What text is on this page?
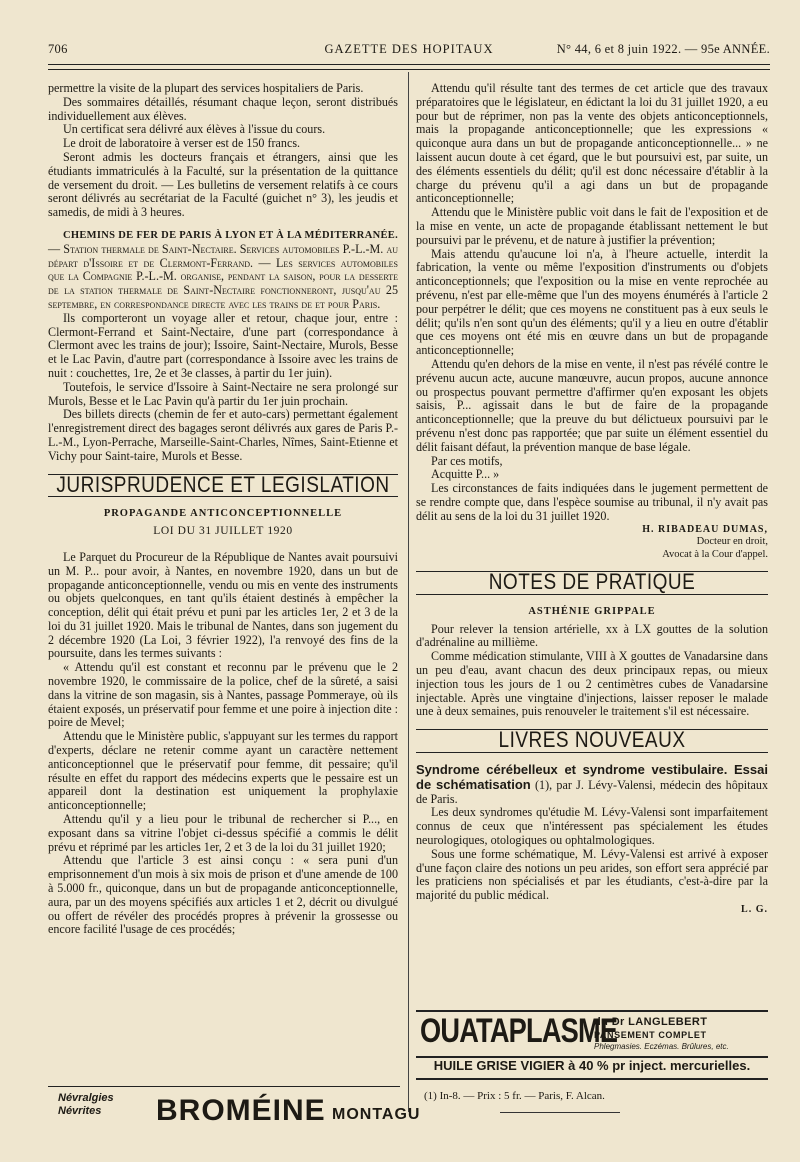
706	GAZETTE DES HOPITAUX	N° 44, 6 et 8 juin 1922. — 95e ANNÉE.

permettre la visite de la plupart des services hospitaliers de Paris.

Des sommaires détaillés, résumant chaque leçon, seront distribués individuellement aux élèves.

Un certificat sera délivré aux élèves à l'issue du cours.

Le droit de laboratoire à verser est de 150 francs.

Seront admis les docteurs français et étrangers, ainsi que les étudiants immatriculés à la Faculté, sur la présentation de la quittance de versement du droit. — Les bulletins de versement relatifs à ce cours seront délivrés au secrétariat de la Faculté (guichet n° 3), les jeudis et samedis, de midi à 3 heures.

CHEMINS DE FER DE PARIS À LYON ET À LA MÉDITERRANÉE. — Station thermale de Saint-Nectaire. Services automobiles P.-L.-M. au départ d'Issoire et de Clermont-Ferrand. — Les services automobiles que la Compagnie P.-L.-M. organise, pendant la saison, pour la desserte de la station thermale de Saint-Nectaire fonctionneront, jusqu'au 25 septembre, en correspondance directe avec les trains de et pour Paris.

Ils comporteront un voyage aller et retour, chaque jour, entre : Clermont-Ferrand et Saint-Nectaire, d'une part (correspondance à Clermont avec les trains de jour); Issoire, Saint-Nectaire, Murols, Besse et le Lac Pavin, d'autre part (correspondance à Issoire avec les trains de nuit : couchettes, 1re, 2e et 3e classes, à partir du 1er juin).

Toutefois, le service d'Issoire à Saint-Nectaire ne sera prolongé sur Murols, Besse et le Lac Pavin qu'à partir du 1er juin prochain.

Des billets directs (chemin de fer et auto-cars) permettant également l'enregistrement direct des bagages seront délivrés aux gares de Paris P.-L.-M., Lyon-Perrache, Marseille-Saint-Charles, Nîmes, Saint-Etienne et Vichy pour Saint-taire, Murols et Besse.

JURISPRUDENCE ET LEGISLATION
PROPAGANDE ANTICONCEPTIONNELLE
LOI DU 31 JUILLET 1920

Le Parquet du Procureur de la République de Nantes avait poursuivi un M. P... pour avoir, à Nantes, en novembre 1920, dans un but de propagande anticonceptionnelle, vendu ou mis en vente des instruments ou objets quelconques, en tant qu'ils étaient destinés à empêcher la conception, délit qui était prévu et puni par les articles 1er, 2 et 3 de la loi du 31 juillet 1920. Mais le tribunal de Nantes, dans son jugement du 2 décembre 1920 (La Loi, 3 février 1922), l'a renvoyé des fins de la poursuite, dans les termes suivants :

« Attendu qu'il est constant et reconnu par le prévenu que le 2 novembre 1920, le commissaire de la police, chef de la sûreté, a saisi dans la vitrine de son magasin, sis à Nantes, passage Pommeraye, où ils étaient exposés, un préservatif pour femme et une poire à injection dite : poire de Mevel;

Attendu que le Ministère public, s'appuyant sur les termes du rapport d'experts, déclare ne retenir comme ayant un caractère nettement anticonceptionnel que le préservatif pour femme, dit pessaire; qu'il résulte en effet du rapport des médecins experts que le pessaire est un appareil dont la destination est uniquement la prophylaxie anticonceptionnelle;

Attendu qu'il y a lieu pour le tribunal de rechercher si P..., en exposant dans sa vitrine l'objet ci-dessus spécifié a commis le délit prévu et réprimé par les articles 1er, 2 et 3 de la loi du 31 juillet 1920;

Attendu que l'article 3 est ainsi conçu : « sera puni d'un emprisonnement d'un mois à six mois de prison et d'une amende de 100 à 5.000 fr., quiconque, dans un but de propagande anticonceptionnelle, aura, par un des moyens spécifiés aux articles 1 et 2, décrit ou divulgué ou offert de révéler des procédés propres à prévenir la grossesse ou encore facilité l'usage de ces procédés;

Attendu qu'il résulte tant des termes de cet article que des travaux préparatoires que le législateur, en édictant la loi du 31 juillet 1920, a eu pour but de réprimer, non pas la vente des objets anticonceptionnels, mais la propagande anticonceptionnelle; que les expressions « quiconque aura dans un but de propagande anticonceptionnelle... » ne laissent aucun doute à cet égard, que le but poursuivi est, par suite, un des éléments essentiels du délit; qu'il est donc nécessaire d'établir à la charge du prévenu qu'il a agi dans un but de propagande anticonceptionnelle;

Attendu que le Ministère public voit dans le fait de l'exposition et de la mise en vente, un acte de propagande établissant nettement le but poursuivi par le prévenu, et de nature à justifier la prévention;

Mais attendu qu'aucune loi n'a, à l'heure actuelle, interdit la fabrication, la vente ou même l'exposition d'instruments ou d'objets anticonceptionnels; que l'exposition ou la mise en vente reprochée au prévenu, n'est par elle-même que l'un des moyens énumérés à l'article 2 pour perpétrer le délit; que ces moyens ne constituent pas à eux seuls le délit; qu'ils n'en sont qu'un des éléments; qu'il y a lieu en outre d'établir que ces moyens ont été mis en œuvre dans un but de propagande anticonceptionnelle;

Attendu qu'en dehors de la mise en vente, il n'est pas révélé contre le prévenu aucun acte, aucune manœuvre, aucun propos, aucune annonce ou prospectus pouvant permettre d'affirmer qu'en exposant les objets saisis, P... agissait dans le but de faire de la propagande anticonceptionnelle; que la preuve du but délictueux poursuivi par le prévenu n'est donc pas rapportée; que par suite un élément essentiel du délit faisant défaut, la prévention manque de base légale.

Par ces motifs,

Acquitte P... »

Les circonstances de faits indiquées dans le jugement permettent de se rendre compte que, dans l'espèce soumise au tribunal, il n'y avait pas délit au sens de la loi du 31 juillet 1920.

H. RIBADEAU DUMAS,
Docteur en droit,
Avocat à la Cour d'appel.
NOTES DE PRATIQUE
ASTHÉNIE GRIPPALE

Pour relever la tension artérielle, xx à LX gouttes de la solution d'adrénaline au millième.

Comme médication stimulante, VIII à X gouttes de Vanadarsine dans un peu d'eau, avant chacun des deux principaux repas, ou mieux injection tous les jours de 1 ou 2 centimètres cubes de Vanadarsine injectable. Après une vingtaine d'injections, laisser reposer le malade une à deux semaines, puis renouveler le traitement s'il est nécessaire.

LIVRES NOUVEAUX

Syndrome cérébelleux et syndrome vestibulaire. Essai de schématisation (1), par J. Lévy-Valensi, médecin des hôpitaux de Paris.

Les deux syndromes qu'étudie M. Lévy-Valensi sont imparfaitement connus de ceux que n'intéressent pas spécialement les études neurologiques, otologiques ou ophtalmologiques.

Sous une forme schématique, M. Lévy-Valensi est arrivé à exposer d'une façon claire des notions un peu arides, son effort sera apprécié par les praticiens non spécialisés et par les étudiants, c'est-à-dire par la majorité du public médical.

L. G.
OUATAPLASME
du Dr LANGLEBERT
PANSEMENT COMPLET
Phlegmasies. Eczémas. Brûlures, etc.
HUILE GRISE VIGIER à 40 % pr inject. mercurielles.
(1) In-8. — Prix : 5 fr. — Paris, F. Alcan.
Névralgies
Névrites	BROMÉINE MONTAGU
